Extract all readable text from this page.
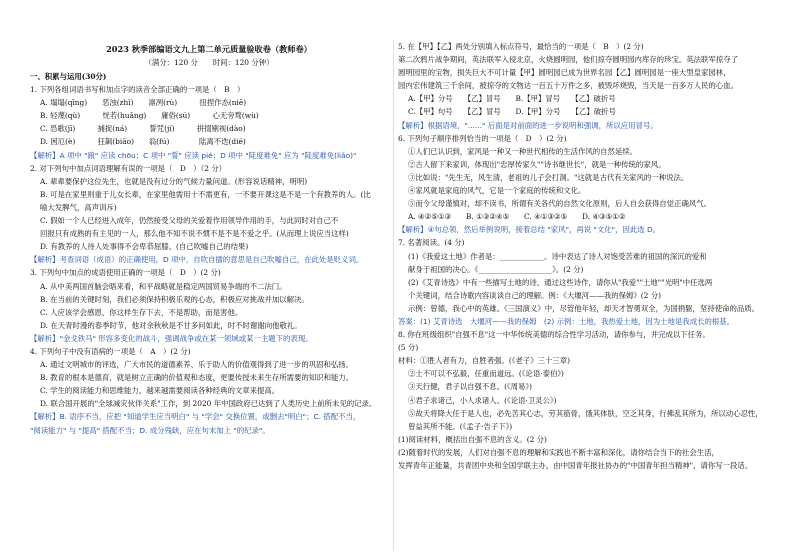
2023 秋季部编语文九上第二单元质量验收卷（教师卷）
（满分：120 分　　时间：120 分钟）
一、积累与运用(30分)
1. 下列各组词语书写和加点字的读音全部正确的一项是（　B　）
A. 塌塌(qīng)　　恶浊(zhì)　　凛冽(rù)　　　扭捏作态(niē)
B. 轻蔑(qù)　　　恍若(huǎng)　　庸俗(sú)　　　心无旁骛(wù)
C. 恐歌(jī)　　　捕捉(ná)　　　誓咒(jí)　　　拼掇剔视(dào)
D. 困厄(è)　　　狂飙(biāo)　　翁(fú)　　　　陆离不迭(dié)
【解析】A 项中 "踉" 应读 chōu；C 项中 "誓" 应读 pié；D 项中 "陡度难免" 应为 "陡度难免(liǎo)"
2. 对下列句中加点词语理解有误的一项是（　D　）（2 分）
A. 辈辈要保护这位先生，也就是没有过分的气候力量问道。(形容说话精神，明明)
B. 可是在家里则重于儿女长辈，在家里他需用十不需更有，一不要开课这是不是一个有教养的人。(比
喻大发脾气，高声训斥)
C. 假如一个人已经进入成年，仍然接受父母的关爱着作用领导作用的手，与此同时对自己不
回报只有成熟的有主见的一人，那么他不知不说不惯不是不是不爱之乎。(从而理上说应当这样)
D. 有教养的人待人处事得不会卑恭屈膝。(自己吹嘘自己的结果)
【解析】考查词语（成语）的正确使用。D 项中，自吹自擂的意思是自己吹嘘自己，在此处是贬义词。
3. 下列句中加点的成语使用正确的一项是（　D　）(2 分)
A. 从中美两国首脑会晤来看，和平战略就是稳定两国贸易争端的不二法门。
B. 在当前的关键时刻，我们必须保持积极乐观的心态，积极应对挑战并加以解决。
C. 人应该学会感恩，你这样生存下去，不是帮助，而是害他。
D. 在天青时漫的春季时节，他对余秋秋是不甘多问如此，时不时谢谢向他敬礼。
【解析】"金戈铁马" 形容多变化的战斗，强调战争或在某一领域或某一主题下的表现。
4. 下列句子中没有语病的一项是（　A　）(2 分)
A. 通过文明城市的评选，广大市民的道德素养、乐于助人的价值观得到了进一步的巩固和弘扬。
B. 教育的根本是德育，就是树立正确的价值观和态度，更要传授未来生存所需要的知识和能力。
C. 学生的阅读能力和思维能力，越来越需要阅读各种经典的文章来提高。
D. 联合国开展的"全球减灾伙伴关系"工作，到 2020 年中国政府已达到了人类历史上前所未见的记录。
【解析】B. 语序不当，应把 "知道学生应当明白" 与 "学会" 交换位置，或删去"明白"；C. 搭配不当，
"阅读能力" 与 "提高" 搭配不当；D. 成分残缺，应在句末加上 "的纪录"。
5. 在【甲】【乙】两处分别填入标点符号，最恰当的一项是（　B　）(2 分)
第二次鸦片战争期间，英法联军入侵北京，火烧圆明园，他们掠夺圆明园内库存的珍宝。英法联军掠夺了
圆明园里的宝物，损失巨大不可计量【甲】圆明园已成为世界名园【乙】圆明园是一座大型皇家园林，
园内宏伟建筑三千余间，被掠夺的文物达一百五十万件之多，被毁坏烧毁，当天是一百多万人民的心血。
A.【甲】分号　　【乙】冒号　　B.【甲】冒号　　【乙】破折号
C.【甲】句号　　【乙】冒号　　D.【甲】分号　　【乙】破折号
【解析】根据语境，"......" 后面是对前面的进一步说明和强调，所以应用冒号。
6. 下列句子顺序排列恰当的一项是（　D　）(2 分)
①人们已认识到，家风是一种又一种世代相传的生活作风的自然延续。
②古人留下来家训，体现出"忠厚传家久""诗书继世长"，就是一种传统的家风。
③比如说："先生无，风生清，老祖的儿子会打洞。"这就是古代有关家风的一种说法。
④家风就是家庭的风气，它是一个家庭的传统和文化。
⑤而今父母谨慎对，却不读书，所谓有关各代的自然文化原则，后人自会获得自觉正确风气。
A. ④②⑤①③　　B. ①③②④⑤　　C. ④①③②⑤　　D. ④③⑤①②
【解析】④句总领，然后举例说明，接着总结 "家风"，再说 "文化"，因此选 D。
7. 名著阅读。(4 分)
(1)《我爱这土地》作者是：____________。诗中表达了诗人对饱受苦难的祖国的深沉的爱和
献身于祖国的决心。《____________________》。(2 分)
(2)《艾青诗选》中有一些描写土地的诗，通过这些诗作，请你从"我爱""土地""光明"中任选两
个关键词，结合诗歌内容谈谈自己的理解。例：《大堰河——我的保姆》(2 分)
示例：曾德，我心中的英雄。《三国演义》中，尽管他年轻，却天才智勇双全，为国捐躯，坚持使命的品质。
答案：(1) 艾青诗选　大堰河——我的保姆　(2) 示例：土地，我热爱土地，因为土地是我成长的根基。
8. 你在班级组织"自强不息"这一中华传统美德的综合性学习活动，请你参与，并完成以下任务。
(5 分)
材料：①胜人者有力，自胜者强。(《老子》三十三章)
②士不可以不弘毅，任重而道远。(《论语·泰伯》)
③天行健，君子以自强不息。(《周易》)
④君子求诸己，小人求诸人。(《论语·卫灵公》)
⑤故天将降大任于是人也，必先苦其心志，劳其筋骨，饿其体肤，空乏其身，行拂乱其所为，所以动心忍性，
曾益其所不能。(《孟子·告子下》)
(1)阅读材料，概括出自强不息的含义。(2 分)
(2)随着时代的发展，人们对自强不息的理解和实践也不断丰富和深化，请你结合当下的社会生活，
发挥青年正能量，共青团中央和全国学联主办，由中国青年报社协办的"中国青年担当精神"，请你写一段话。
